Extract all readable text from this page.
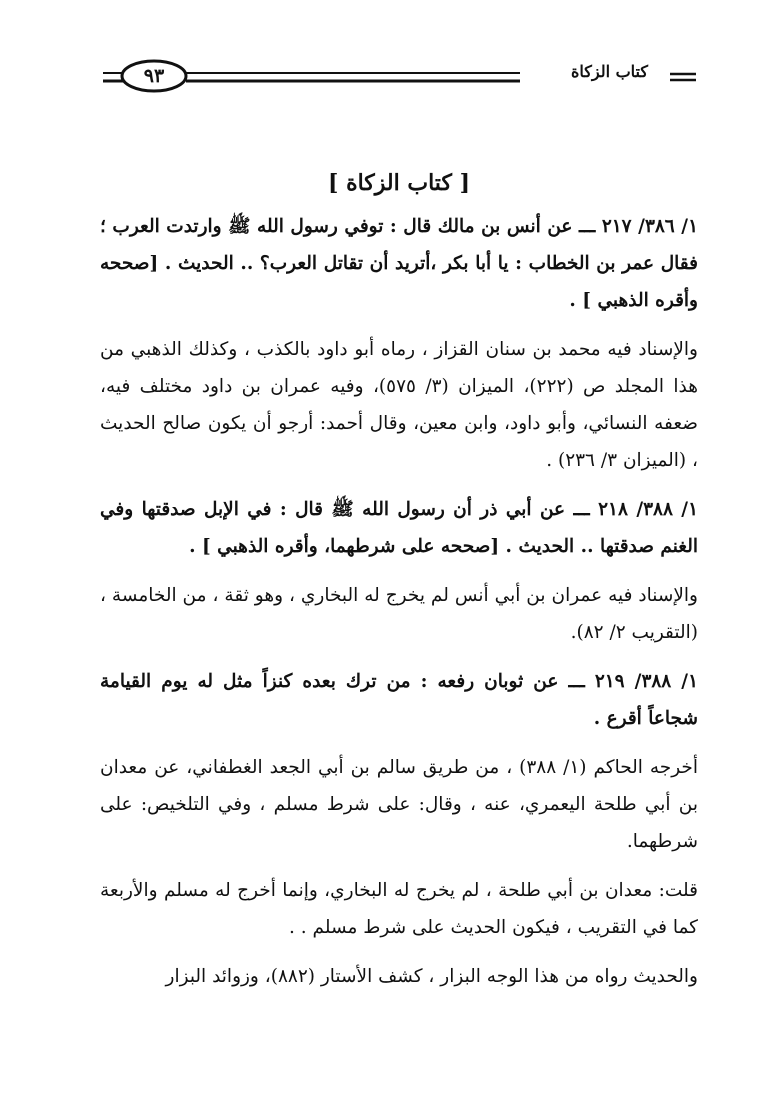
كتاب الزكاة
٩٣
[ كتاب الزكاة ]

١/ ٣٨٦/ ٢١٧ ـــ عن أنس بن مالك قال : توفي رسول الله ﷺ وارتدت العرب ؛ فقال عمر بن الخطاب : يا أبا بكر ،أتريد أن تقاتل العرب؟ .. الحديث . [صححه وأقره الذهبي ] .

والإسناد فيه محمد بن سنان القزاز ، رماه أبو داود بالكذب ، وكذلك الذهبي من هذا المجلد ص (٢٢٢)، الميزان (٣/ ٥٧٥)، وفيه عمران بن داود مختلف فيه، ضعفه النسائي، وأبو داود، وابن معين، وقال أحمد: أرجو أن يكون صالح الحديث ، (الميزان ٣/ ٢٣٦) .

١/ ٣٨٨/ ٢١٨ ـــ عن أبي ذر أن رسول الله ﷺ قال : في الإبل صدقتها وفي الغنم صدقتها .. الحديث . [صححه على شرطهما، وأقره الذهبي ] .

والإسناد فيه عمران بن أبي أنس لم يخرج له البخاري ، وهو ثقة ، من الخامسة ، (التقريب ٢/ ٨٢).

١/ ٣٨٨/ ٢١٩ ـــ عن ثوبان رفعه : من ترك بعده كنزاً مثل له يوم القيامة شجاعاً أقرع .

أخرجه الحاكم (١/ ٣٨٨) ، من طريق سالم بن أبي الجعد الغطفاني، عن معدان بن أبي طلحة اليعمري، عنه ، وقال: على شرط مسلم ، وفي التلخيص: على شرطهما.

قلت: معدان بن أبي طلحة ، لم يخرج له البخاري، وإنما أخرج له مسلم والأربعة كما في التقريب ، فيكون الحديث على شرط مسلم . .

والحديث رواه من هذا الوجه البزار ، كشف الأستار (٨٨٢)، وزوائد البزار
